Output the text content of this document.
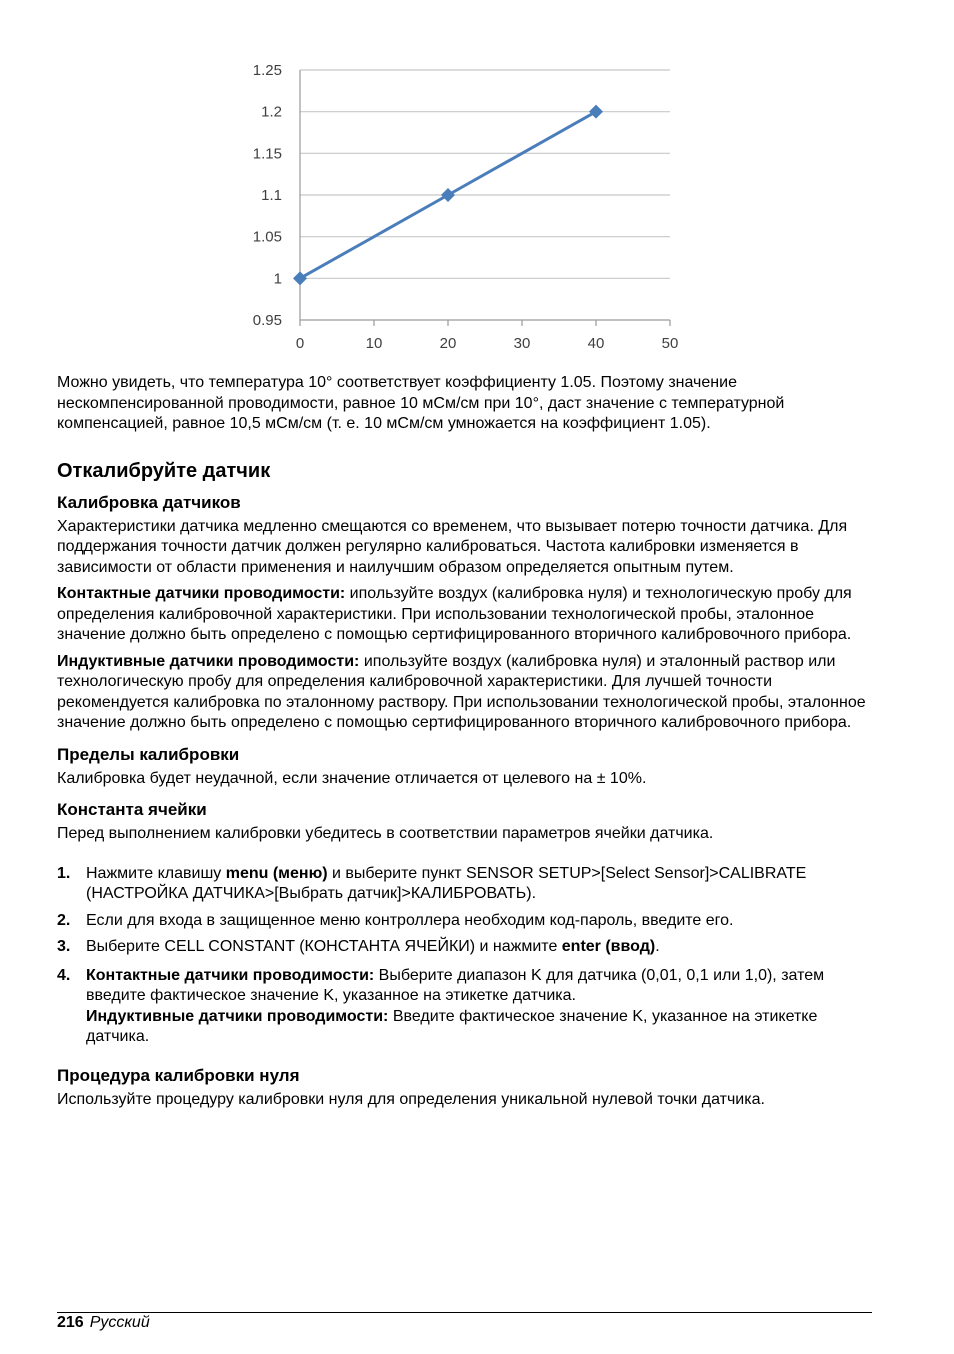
0.95
1
1.05
1.1
1.15
1.2
1.25
0	10	20	30	40	50

Можно увидеть, что температура 10° соответствует коэффициенту 1.05. Поэтому значение нескомпенсированной проводимости, равное 10 мСм/см при 10°, даст значение с температурной компенсацией, равное 10,5 мСм/см (т. е. 10 мСм/см умножается на коэффициент 1.05).

Откалибруйте датчик
Калибровка датчиков

Характеристики датчика медленно смещаются со временем, что вызывает потерю точности датчика. Для поддержания точности датчик должен регулярно калиброваться. Частота калибровки изменяется в зависимости от области применения и наилучшим образом определяется опытным путем.

Контактные датчики проводимости: ипользуйте воздух (калибровка нуля) и технологическую пробу для определения калибровочной характеристики. При использовании технологической пробы, эталонное значение должно быть определено с помощью сертифицированного вторичного калибровочного прибора.

Индуктивные датчики проводимости: ипользуйте воздух (калибровка нуля) и эталонный раствор или технологическую пробу для определения калибровочной характеристики. Для лучшей точности рекомендуется калибровка по эталонному раствору. При использовании технологической пробы, эталонное значение должно быть определено с помощью сертифицированного вторичного калибровочного прибора.

Пределы калибровки

Калибровка будет неудачной, если значение отличается от целевого на ± 10%.

Константа ячейки

Перед выполнением калибровки убедитесь в соответствии параметров ячейки датчика.

1. Нажмите клавишу menu (меню) и выберите пункт SENSOR SETUP>[Select Sensor]>CALIBRATE (НАСТРОЙКА ДАТЧИКА>[Выбрать датчик]>КАЛИБРОВАТЬ).
2. Если для входа в защищенное меню контроллера необходим код-пароль, введите его.
3. Выберите CELL CONSTANT (КОНСТАНТА ЯЧЕЙКИ) и нажмите enter (ввод).
4. Контактные датчики проводимости: Выберите диапазон K для датчика (0,01, 0,1 или 1,0), затем введите фактическое значение K, указанное на этикетке датчика.
Индуктивные датчики проводимости: Введите фактическое значение K, указанное на этикетке датчика.
Процедура калибровки нуля

Используйте процедуру калибровки нуля для определения уникальной нулевой точки датчика.

216 Русский
